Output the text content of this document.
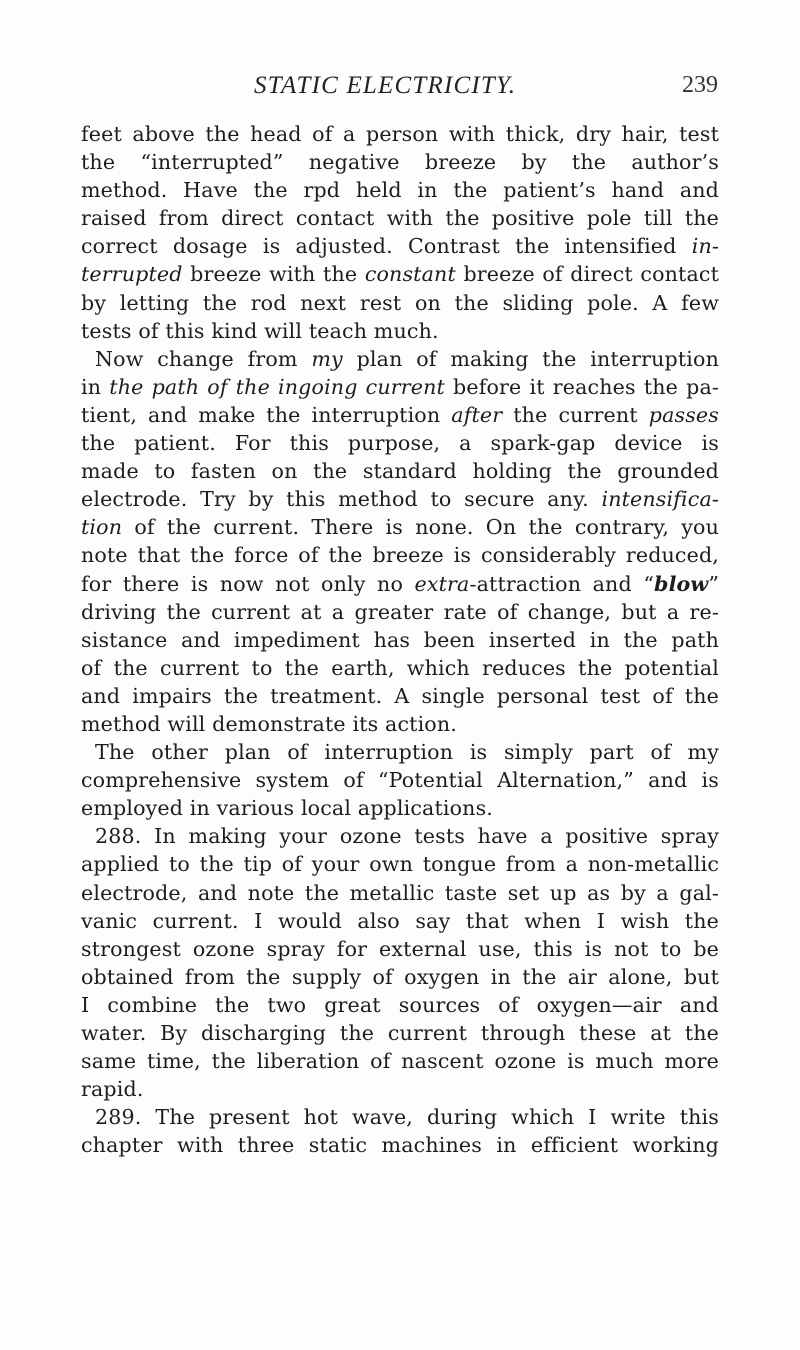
STATIC ELECTRICITY.	239
feet above the head of a person with thick, dry hair, test
the “interrupted” negative breeze by the author’s
method. Have the rpd held in the patient’s hand and
raised from direct contact with the positive pole till the
correct dosage is adjusted. Contrast the intensified in-
terrupted breeze with the constant breeze of direct contact
by letting the rod next rest on the sliding pole. A few
tests of this kind will teach much.
Now change from my plan of making the interruption
in the path of the ingoing current before it reaches the pa-
tient, and make the interruption after the current passes
the patient. For this purpose, a spark-gap device is
made to fasten on the standard holding the grounded
electrode. Try by this method to secure any. intensifica-
tion of the current. There is none. On the contrary, you
note that the force of the breeze is considerably reduced,
for there is now not only no extra-attraction and “blow”
driving the current at a greater rate of change, but a re-
sistance and impediment has been inserted in the path
of the current to the earth, which reduces the potential
and impairs the treatment. A single personal test of the
method will demonstrate its action.
The other plan of interruption is simply part of my
comprehensive system of “Potential Alternation,” and is
employed in various local applications.
288. In making your ozone tests have a positive spray
applied to the tip of your own tongue from a non-metallic
electrode, and note the metallic taste set up as by a gal-
vanic current. I would also say that when I wish the
strongest ozone spray for external use, this is not to be
obtained from the supply of oxygen in the air alone, but
I combine the two great sources of oxygen—air and
water. By discharging the current through these at the
same time, the liberation of nascent ozone is much more
rapid.
289. The present hot wave, during which I write this
chapter with three static machines in efficient working
